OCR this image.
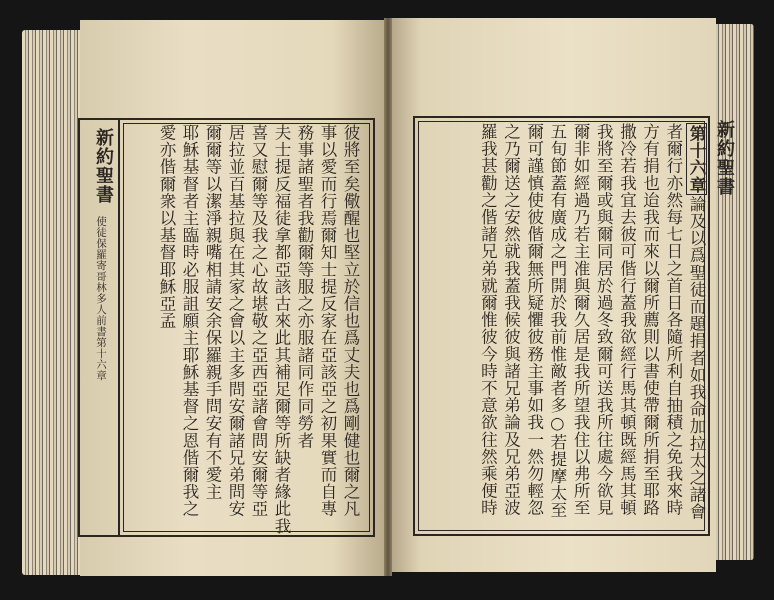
新約聖書
使徒保羅寄哥林多人前書第十六章	彼將至矣儆醒也堅立於信也爲丈夫也爲剛健也爾之凡
事以愛而行焉爾知士提反家在亞該亞之初果實而自專
務事諸聖者我勸爾等服之亦服諸同作同勞者
夫士提反福徒拿都亞該古來此其補足爾等所缺者緣此我
喜又慰爾等及我之心故堪敬之亞西亞諸會問安爾等亞
居拉並百基拉與在其家之會以主多問安爾諸兄弟問安
爾爾等以潔淨親嘴相請安余保羅親手問安有不愛主
耶穌基督者主臨時必服詛願主耶穌基督之恩偕爾我之
愛亦偕爾衆以基督耶穌亞孟	新約聖書
第十六章論及以爲聖徒而題捐者如我命加拉太之諸會
者爾行亦然每七日之首日各隨所利自抽積之免我來時
方有捐也迨我而來以爾所薦則以書使帶爾所捐至耶路
撒冷若我宜去彼可偕行蓋我欲經行馬其頓既經馬其頓
我將至爾或與爾同居於過冬致爾可送我所往處今欲見
爾非如經過乃若主准與爾久居是我所望我住以弗所至
五旬節蓋有廣成之門開於我前惟敵者多○若提摩太至
爾可謹慎使彼偕爾無所疑懼彼務主事如我一然勿輕忽
之乃爾送之安然就我蓋我候彼與諸兄弟論及兄弟亞波
羅我甚勸之偕諸兄弟就爾惟彼今時不意欲往然乘便時
